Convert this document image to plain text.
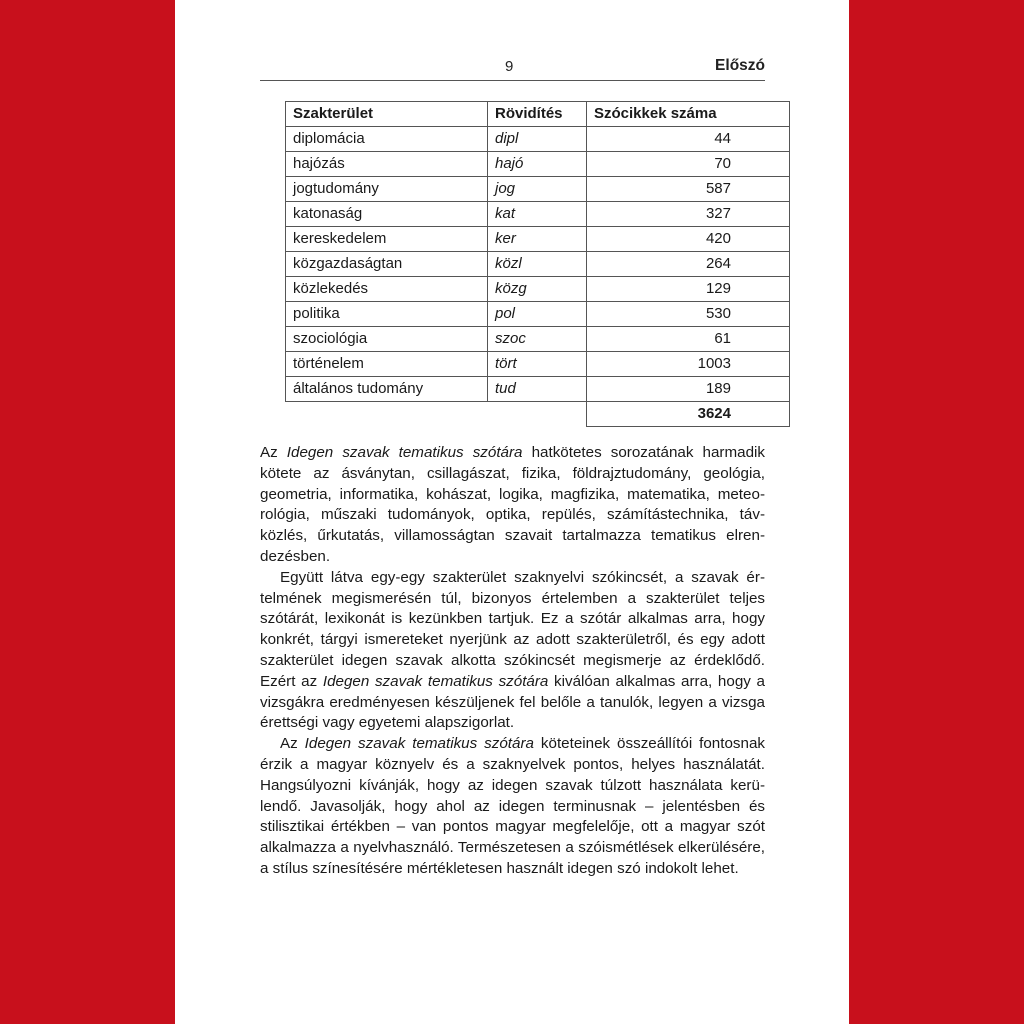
9	Előszó
Szakterület	Rövidítés	Szócikkek száma
diplomácia	dipl	44
hajózás	hajó	70
jogtudomány	jog	587
katonaság	kat	327
kereskedelem	ker	420
közgazdaságtan	közl	264
közlekedés	közg	129
politika	pol	530
szociológia	szoc	61
történelem	tört	1003
általános tudomány	tud	189
		3624

Az Idegen szavak tematikus szótára hatkötetes sorozatának harmadik kötete az ásványtan, csillagászat, fizika, földrajztudomány, geológia, geometria, informatika, kohászat, logika, magfizika, matematika, meteorológia, műszaki tudományok, optika, repülés, számítástechnika, távközlés, űrkutatás, villamosságtan szavait tartalmazza tematikus elrendezésben.

Együtt látva egy-egy szakterület szaknyelvi szókincsét, a szavak értelmének megismerésén túl, bizonyos értelemben a szakterület teljes szótárát, lexikonát is kezünkben tartjuk. Ez a szótár alkalmas arra, hogy konkrét, tárgyi ismereteket nyerjünk az adott szakterületről, és egy adott szakterület idegen szavak alkotta szókincsét megismerje az érdeklődő. Ezért az Idegen szavak tematikus szótára kiválóan alkalmas arra, hogy a vizsgákra eredményesen készüljenek fel belőle a tanulók, legyen a vizsga érettségi vagy egyetemi alapszigorlat.

Az Idegen szavak tematikus szótára köteteinek összeállítói fontosnak érzik a magyar köznyelv és a szaknyelvek pontos, helyes használatát. Hangsúlyozni kívánják, hogy az idegen szavak túlzott használata kerülendő. Javasolják, hogy ahol az idegen terminusnak – jelentésben és stilisztikai értékben – van pontos magyar megfelelője, ott a magyar szót alkalmazza a nyelvhasználó. Természetesen a szóismétlések elkerülésére, a stílus színesítésére mértékletesen használt idegen szó indokolt lehet.
